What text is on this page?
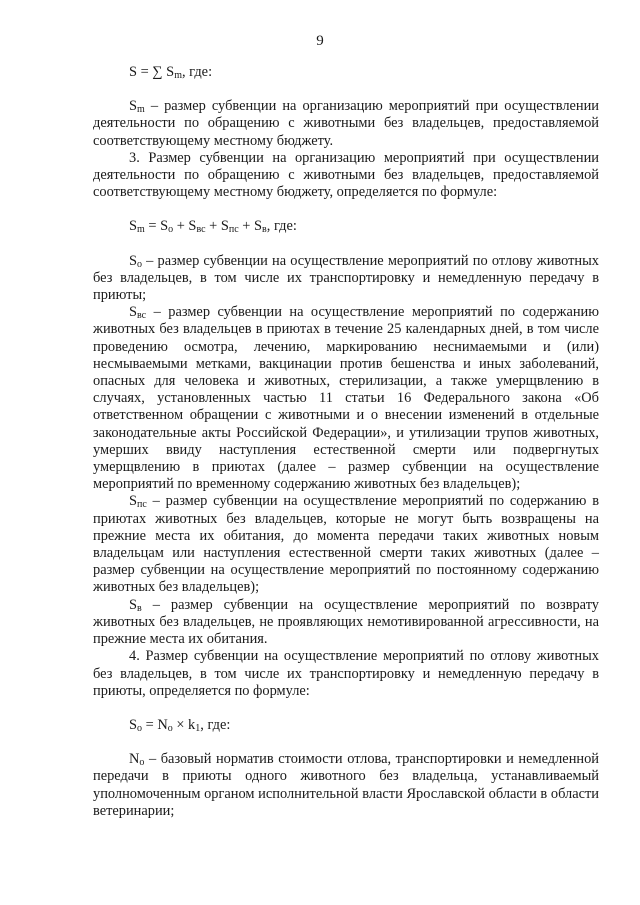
9

S = ∑ $S_m$, где:

$S_m$ – размер субвенции на организацию мероприятий при осуществлении деятельности по обращению с животными без владельцев, предоставляемой соответствующему местному бюджету.

3. Размер субвенции на организацию мероприятий при осуществлении деятельности по обращению с животными без владельцев, предоставляемой соответствующему местному бюджету, определяется по формуле:

$S_m = S_o + S_{вс} + S_{пс} + S_в$, где:

$S_o$ – размер субвенции на осуществление мероприятий по отлову животных без владельцев, в том числе их транспортировку и немедленную передачу в приюты;

$S_{вс}$ – размер субвенции на осуществление мероприятий по содержанию животных без владельцев в приютах в течение 25 календарных дней, в том числе проведению осмотра, лечению, маркированию неснимаемыми и (или) несмываемыми метками, вакцинации против бешенства и иных заболеваний, опасных для человека и животных, стерилизации, а также умерщвлению в случаях, установленных частью 11 статьи 16 Федерального закона «Об ответственном обращении с животными и о внесении изменений в отдельные законодательные акты Российской Федерации», и утилизации трупов животных, умерших ввиду наступления естественной смерти или подвергнутых умерщвлению в приютах (далее – размер субвенции на осуществление мероприятий по временному содержанию животных без владельцев);

$S_{пс}$ – размер субвенции на осуществление мероприятий по содержанию в приютах животных без владельцев, которые не могут быть возвращены на прежние места их обитания, до момента передачи таких животных новым владельцам или наступления естественной смерти таких животных (далее – размер субвенции на осуществление мероприятий по постоянному содержанию животных без владельцев);

$S_в$ – размер субвенции на осуществление мероприятий по возврату животных без владельцев, не проявляющих немотивированной агрессивности, на прежние места их обитания.

4. Размер субвенции на осуществление мероприятий по отлову животных без владельцев, в том числе их транспортировку и немедленную передачу в приюты, определяется по формуле:

$S_o = N_o \times k_1$, где:

$N_o$ – базовый норматив стоимости отлова, транспортировки и немедленной передачи в приюты одного животного без владельца, устанавливаемый уполномоченным органом исполнительной власти Ярославской области в области ветеринарии;
